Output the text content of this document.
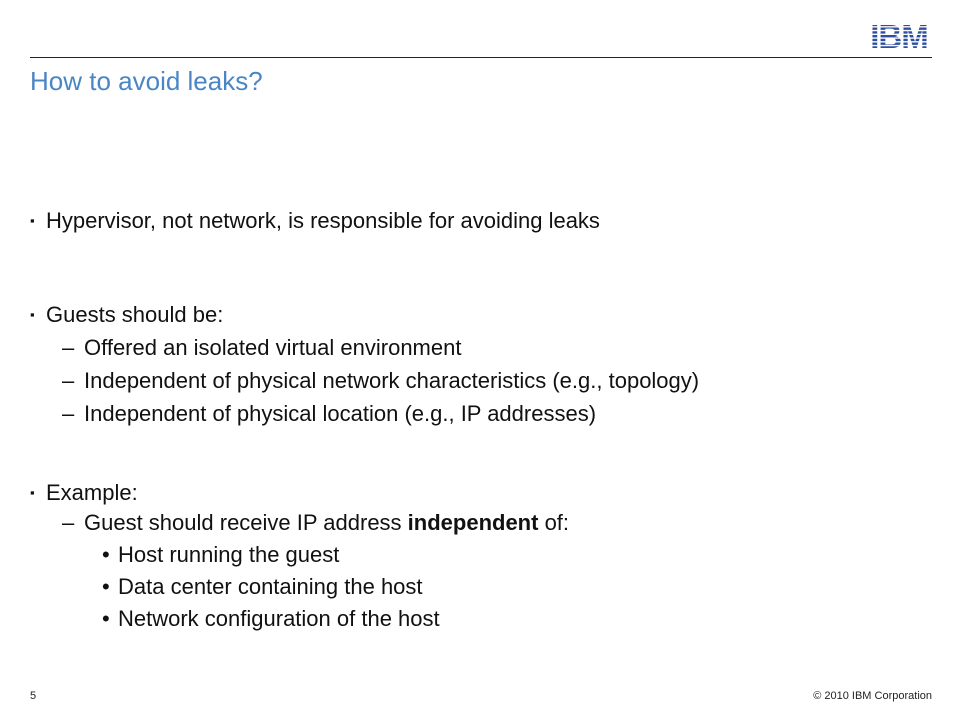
IBM
How to avoid leaks?
▪ Hypervisor, not network, is responsible for avoiding leaks
▪ Guests should be:
– Offered an isolated virtual environment
– Independent of physical network characteristics (e.g., topology)
– Independent of physical location (e.g., IP addresses)
▪ Example:
– Guest should receive IP address independent of:
• Host running the guest
• Data center containing the host
• Network configuration of the host
5	© 2010 IBM Corporation
